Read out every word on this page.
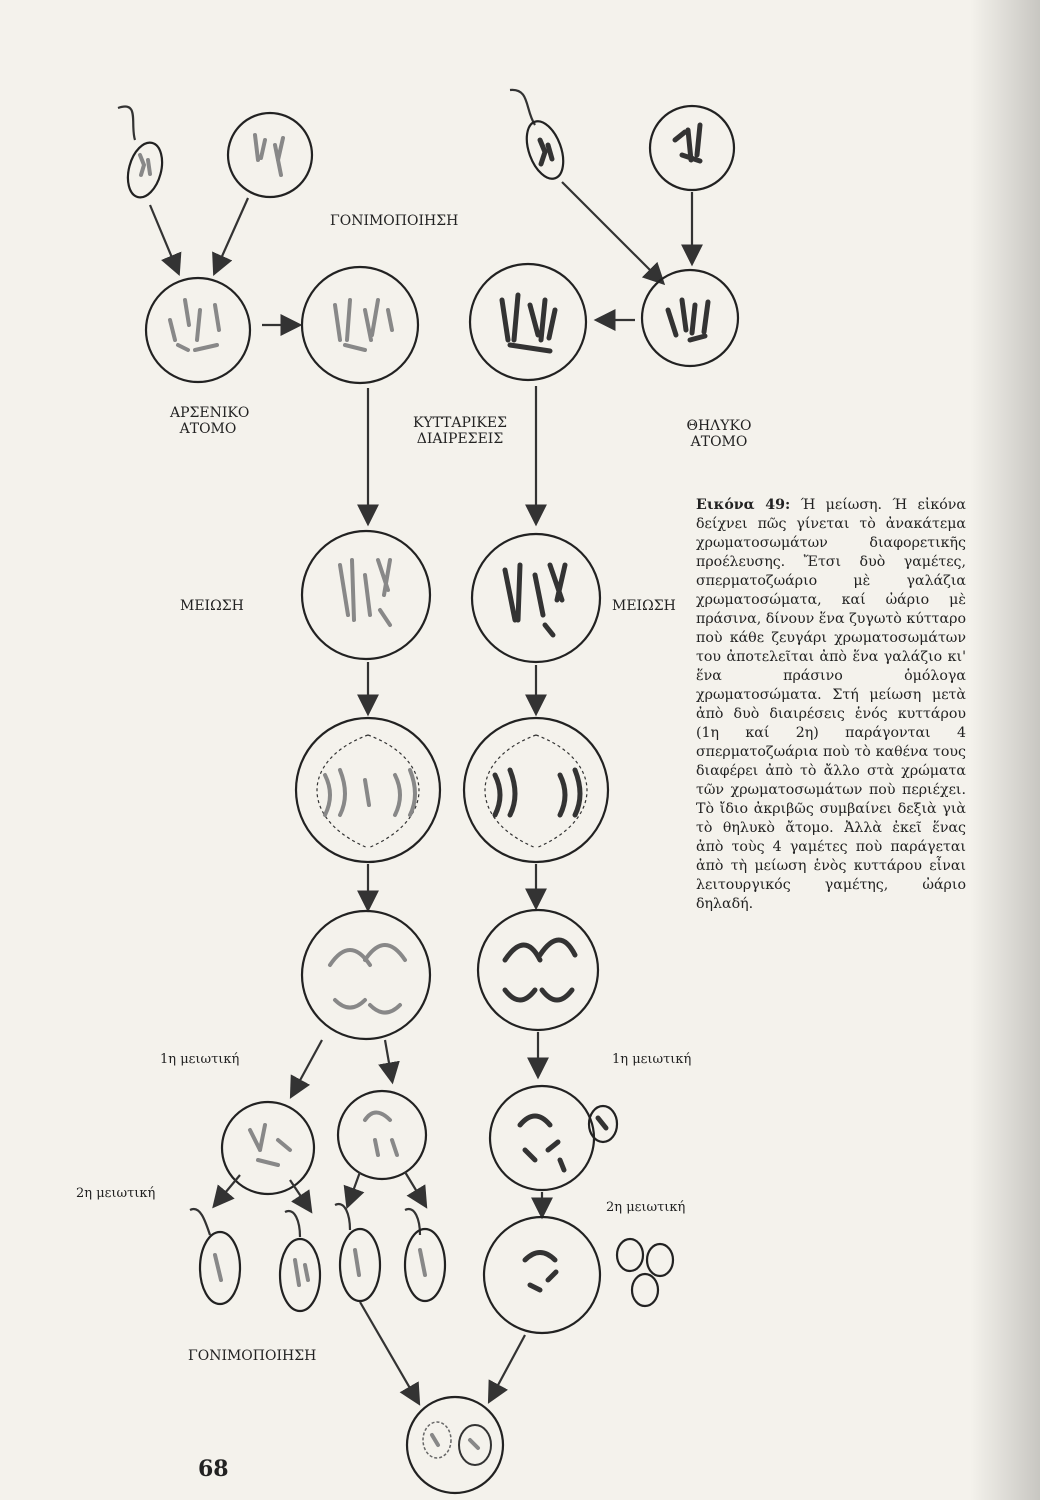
ΓΟΝΙΜΟΠΟΙΗΣΗ
ΑΡΣΕΝΙΚΟ ΑΤΟΜΟ	ΚΥΤΤΑΡΙΚΕΣ ΔΙΑΙΡΕΣΕΙΣ
ΘΗΛΥΚΟ ΑΤΟΜΟ
ΜΕΙΩΣΗ	ΜΕΙΩΣΗ
1η μειωτική	1η μειωτική
2η μειωτική
2η μειωτική
ΓΟΝΙΜΟΠΟΙΗΣΗ
Εικόνα 49: Ή μείωση. Ή εἰκόνα δείχνει πῶς γίνεται τὸ ἀνακάτεμα χρωματοσωμάτων διαφορετικῆς προέλευσης. Ἔτσι δυὸ γαμέτες, σπερματοζωάριο μὲ γαλάζια χρωματοσώματα, καί ὠάριο μὲ πράσινα, δίνουν ἕνα ζυγωτὸ κύτταρο ποὺ κάθε ζευγάρι χρωματοσωμάτων του ἀποτελεῖται ἀπὸ ἕνα γαλάζιο κι' ἕνα πράσινο ὁμόλογα χρωματοσώματα. Στή μείωση μετὰ ἀπὸ δυὸ διαιρέσεις ἑνός κυττάρου (1η καί 2η) παράγονται 4 σπερματοζωάρια ποὺ τὸ καθένα τους διαφέρει ἀπὸ τὸ ἄλλο στὰ χρώματα τῶν χρωματοσωμάτων ποὺ περιέχει. Τὸ ἴδιο ἀκριβῶς συμβαίνει δεξιὰ γιὰ τὸ θηλυκὸ ἄτομο. Ἀλλὰ ἐκεῖ ἕνας ἀπὸ τοὺς 4 γαμέτες ποὺ παράγεται ἀπὸ τὴ μείωση ἑνὸς κυττάρου εἶναι λειτουργικός γαμέτης, ὠάριο δηλαδή.
68
